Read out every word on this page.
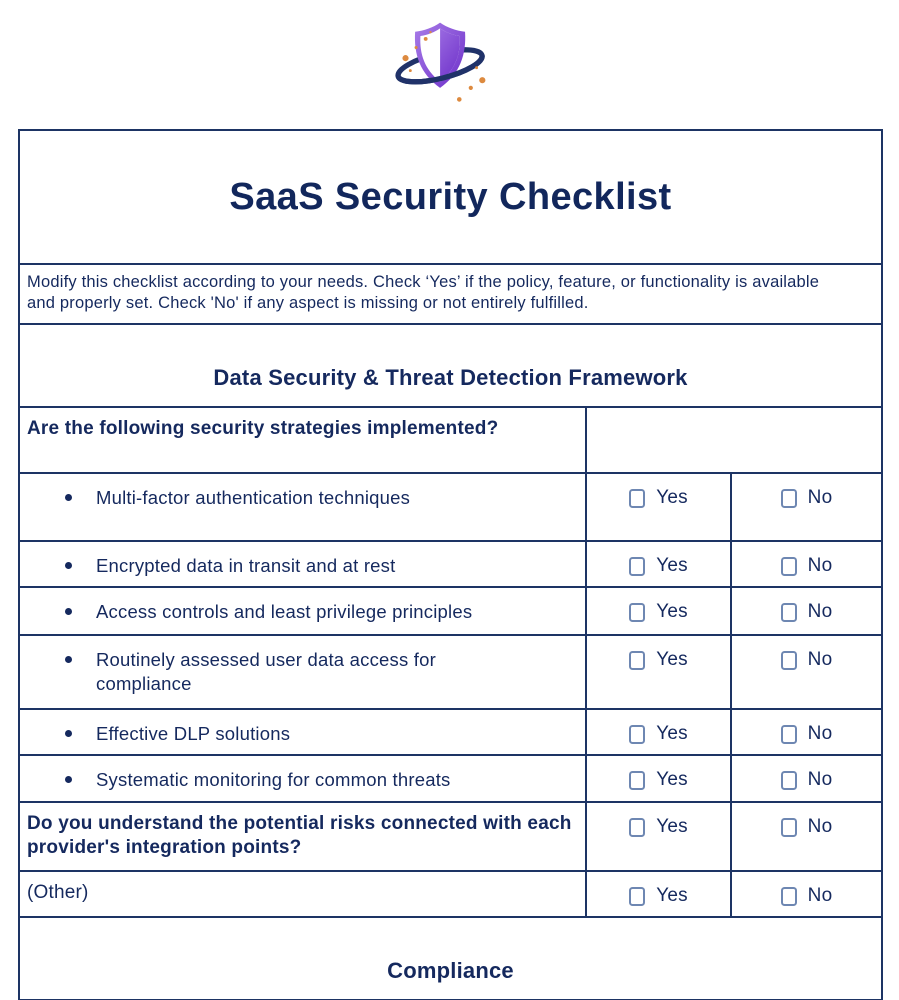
SaaS Security Checklist

Modify this checklist according to your needs. Check ‘Yes’ if the policy, feature, or functionality is available and properly set. Check 'No' if any aspect is missing or not entirely fulfilled.		
Data Security & Threat Detection Framework		

Are the following security strategies implemented?		

Multi-factor authentication techniques	Yes	No

Encrypted data in transit and at rest	Yes	No

Access controls and least privilege principles	Yes	No

Routinely assessed user data access for compliance	Yes	No

Effective DLP solutions	Yes	No

Systematic monitoring for common threats	Yes	No

Do you understand the potential risks connected with each provider's integration points?	Yes	No

(Other)	Yes	No

Compliance		
